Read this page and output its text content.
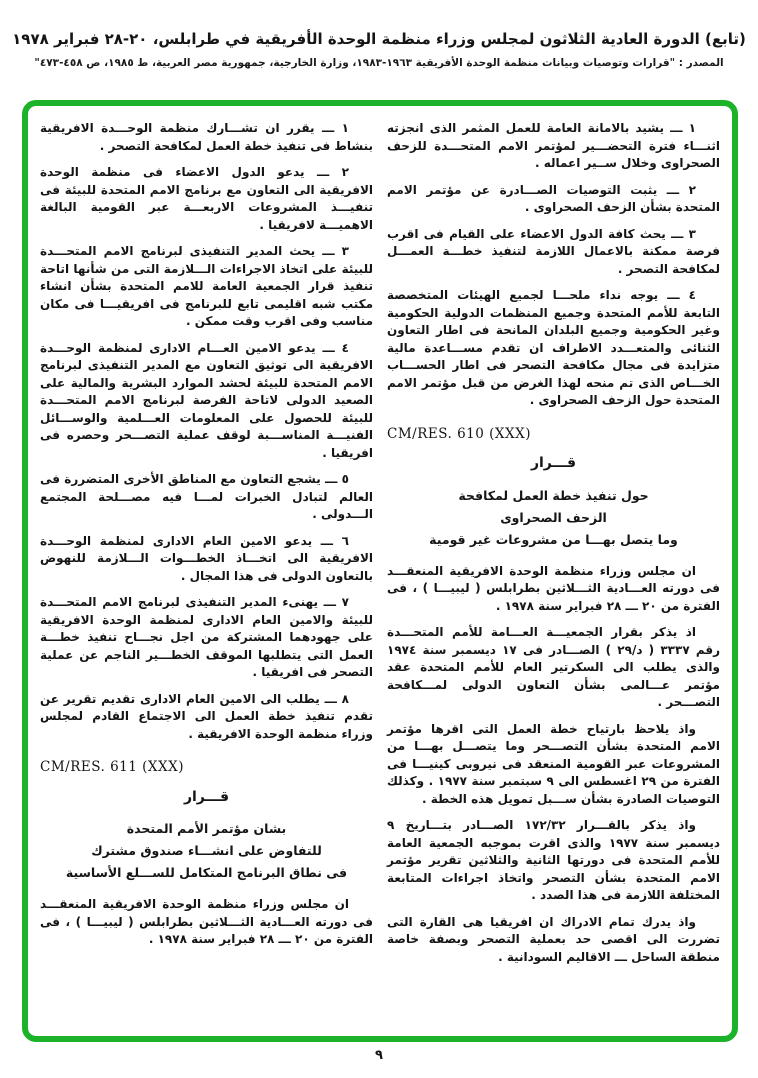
(تابع) الدورة العادية الثلاثون لمجلس وزراء منظمة الوحدة الأفريقية في طرابلس، ٢٠-٢٨ فبراير ١٩٧٨
المصدر : "قرارات وتوصيات وبيانات منظمة الوحدة الأفريقية ١٩٦٣-١٩٨٣، وزارة الخارجية، جمهورية مصر العربية، ط ١٩٨٥، ص ٤٥٨-٤٧٣"

١ ـــ يشيد بالامانة العامة للعمل المثمر الذى انجزته اثنـــاء فترة التحضـــير لمؤتمر الامم المتحـــدة للزحف الصحراوى وخلال ســير اعماله .

٢ ـــ يثبت التوصيات الصـــادرة عن مؤتمر الامم المتحدة بشأن الزحف الصحراوى .

٣ ـــ يحث كافة الدول الاعضاء على القيام فى اقرب فرصة ممكنة بالاعمال اللازمة لتنفيذ خطـــة العمـــل لمكافحة التصحر .

٤ ـــ يوجه نداء ملحـــا لجميع الهيئات المتخصصة التابعة للأمم المتحدة وجميع المنظمات الدولية الحكومية وغير الحكومية وجميع البلدان المانحة فى اطار التعاون الثنائى والمتعـــدد الاطراف ان تقدم مســـاعدة مالية متزايدة فى مجال مكافحة التصحر فى اطار الحســـاب الخـــاص الذى تم منحه لهذا الغرض من قبل مؤتمر الامم المتحدة حول الزحف الصحراوى .

CM/RES. 610 (XXX)
قـــرار
حول تنفيذ خطة العمل لمكافحة
الزحف الصحراوى
وما يتصل بهـــا من مشروعات غير قومية

ان مجلس وزراء منظمة الوحدة الافريقية المنعقـــد فى دورته العـــادية الثـــلاثين بطرابلس ( ليبيـــا ) ، فى الفترة من ٢٠ ـــ ٢٨ فبراير سنة ١٩٧٨ .

اذ يذكر بقرار الجمعيـــة العـــامة للأمم المتحـــدة رقم ٣٣٣٧ ( د/٢٩ ) الصـــادر فى ١٧ ديسمبر سنة ١٩٧٤ والذى يطلب الى السكرتير العام للأمم المتحدة عقد مؤتمر عـــالمى بشأن التعاون الدولى لمـــكافحة التصـــحر .

واذ يلاحظ بارتياح خطة العمل التى اقرها مؤتمر الامم المتحدة بشأن التصـــحر وما يتصـــل بهـــا من المشروعات عبر القومية المنعقد فى نيروبى كينيـــا فى الفترة من ٢٩ اغسطس الى ٩ سبتمبر سنة ١٩٧٧ . وكذلك التوصيات الصادرة بشأن ســـبل تمويل هذه الخطة .

واذ يذكر بالقـــرار ١٧٢/٣٢ الصـــادر بتـــاريخ ٩ ديسمبر سنة ١٩٧٧ والذى اقرت بموجبه الجمعية العامة للأمم المتحدة فى دورتها الثانية والثلاثين تقرير مؤتمر الامم المتحدة بشأن التصحر واتخاذ اجراءات المتابعة المختلفة اللازمة فى هذا الصدد .

واذ يدرك تمام الادراك ان افريقيا هى القارة التى تضررت الى اقصى حد بعملية التصحر وبصفة خاصة منطقة الساحل ـــ الاقاليم السودانية .

١ ـــ يقرر ان تشـــارك منظمة الوحـــدة الافريقية بنشاط فى تنفيذ خطة العمل لمكافحة التصحر .

٢ ـــ يدعو الدول الاعضاء فى منظمة الوحدة الافريقية الى التعاون مع برنامج الامم المتحدة للبيئة فى تنفيـــذ المشروعات الاربعـــة عبر القومية البالغة الاهميـــة لافريقيا .

٣ ـــ يحث المدير التنفيذى لبرنامج الامم المتحـــدة للبيئة على اتخاذ الاجراءات الـــلازمة التى من شأنها اتاحة تنفيذ قرار الجمعية العامة للامم المتحدة بشأن انشاء مكتب شبه اقليمى تابع للبرنامج فى افريقيـــا فى مكان مناسب وفى اقرب وقت ممكن .

٤ ـــ يدعو الامين العـــام الادارى لمنظمة الوحـــدة الافريقية الى توثيق التعاون مع المدير التنفيذى لبرنامج الامم المتحدة للبيئة لحشد الموارد البشرية والمالية على الصعيد الدولى لاتاحة الفرصة لبرنامج الامم المتحـــدة للبيئة للحصول على المعلومات العـــلمية والوســـائل الفنيـــة المناســـبة لوقف عملية التصـــحر وحصره فى افريقيا .

٥ ـــ يشجع التعاون مع المناطق الأخرى المتضررة فى العالم لتبادل الخبرات لمـــا فيه مصـــلحة المجتمع الـــدولى .

٦ ـــ يدعو الامين العام الادارى لمنظمة الوحـــدة الافريقية الى اتخـــاذ الخطـــوات الـــلازمة للنهوض بالتعاون الدولى فى هذا المجال .

٧ ـــ يهنىء المدير التنفيذى لبرنامج الامم المتحـــدة للبيئة والامين العام الادارى لمنظمة الوحدة الافريقية على جهودهما المشتركة من اجل نجـــاح تنفيذ خطـــة العمل التى يتطلبها الموقف الخطـــير الناجم عن عملية التصحر فى افريقيا .

٨ ـــ يطلب الى الامين العام الادارى تقديم تقرير عن تقدم تنفيذ خطة العمل الى الاجتماع القادم لمجلس وزراء منظمة الوحدة الافريقية .

CM/RES. 611 (XXX)
قـــرار
بشان مؤتمر الأمم المتحدة
للتفاوض على انشـــاء صندوق مشترك
فى نطاق البرنامج المتكامل للســـلع الأساسية

ان مجلس وزراء منظمة الوحدة الافريقية المنعقـــد فى دورته العـــادية الثـــلاثين بطرابلس ( ليبيـــا ) ، فى الفترة من ٢٠ ـــ ٢٨ فبراير سنة ١٩٧٨ .

٩
